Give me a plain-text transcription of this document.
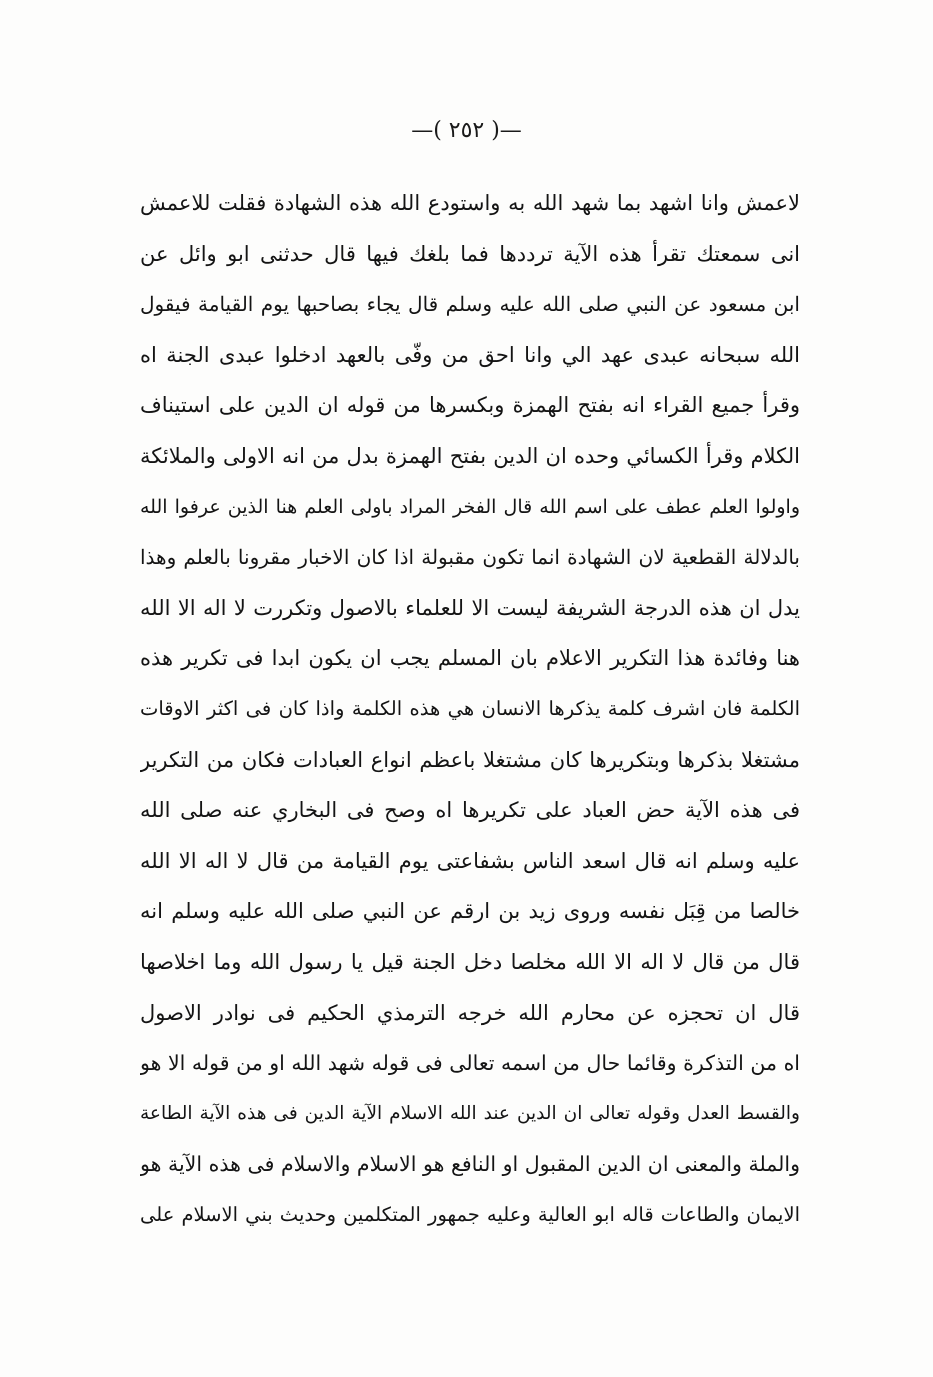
—( ٢٥٢ )—
لاعمش وانا اشهد بما شهد الله به واستودع الله هذه الشهادة فقلت للاعمش
انى سمعتك تقرأ هذه الآية ترددها فما بلغك فيها قال حدثنى ابو وائل عن
ابن مسعود عن النبي صلى الله عليه وسلم قال يجاء بصاحبها يوم القيامة فيقول
الله سبحانه عبدى عهد الي وانا احق من وفّى بالعهد ادخلوا عبدى الجنة اه
وقرأ جميع القراء انه بفتح الهمزة وبكسرها من قوله ان الدين على استيناف
الكلام وقرأ الكسائي وحده ان الدين بفتح الهمزة بدل من انه الاولى والملائكة
واولوا العلم عطف على اسم الله قال الفخر المراد باولى العلم هنا الذين عرفوا الله
بالدلالة القطعية لان الشهادة انما تكون مقبولة اذا كان الاخبار مقرونا بالعلم وهذا
يدل ان هذه الدرجة الشريفة ليست الا للعلماء بالاصول وتكررت لا اله الا الله
هنا وفائدة هذا التكرير الاعلام بان المسلم يجب ان يكون ابدا فى تكرير هذه
الكلمة فان اشرف كلمة يذكرها الانسان هي هذه الكلمة واذا كان فى اكثر الاوقات
مشتغلا بذكرها وبتكريرها كان مشتغلا باعظم انواع العبادات فكان من التكرير
فى هذه الآية حض العباد على تكريرها اه وصح فى البخاري عنه صلى الله
عليه وسلم انه قال اسعد الناس بشفاعتى يوم القيامة من قال لا اله الا الله
خالصا من قِبَل نفسه وروى زيد بن ارقم عن النبي صلى الله عليه وسلم انه
قال من قال لا اله الا الله مخلصا دخل الجنة قيل يا رسول الله وما اخلاصها
قال ان تحجزه عن محارم الله خرجه الترمذي الحكيم فى نوادر الاصول
اه من التذكرة وقائما حال من اسمه تعالى فى قوله شهد الله او من قوله الا هو
والقسط العدل وقوله تعالى ان الدين عند الله الاسلام الآية الدين فى هذه الآية الطاعة
والملة والمعنى ان الدين المقبول او النافع هو الاسلام والاسلام فى هذه الآية هو
الايمان والطاعات قاله ابو العالية وعليه جمهور المتكلمين وحديث بني الاسلام على
